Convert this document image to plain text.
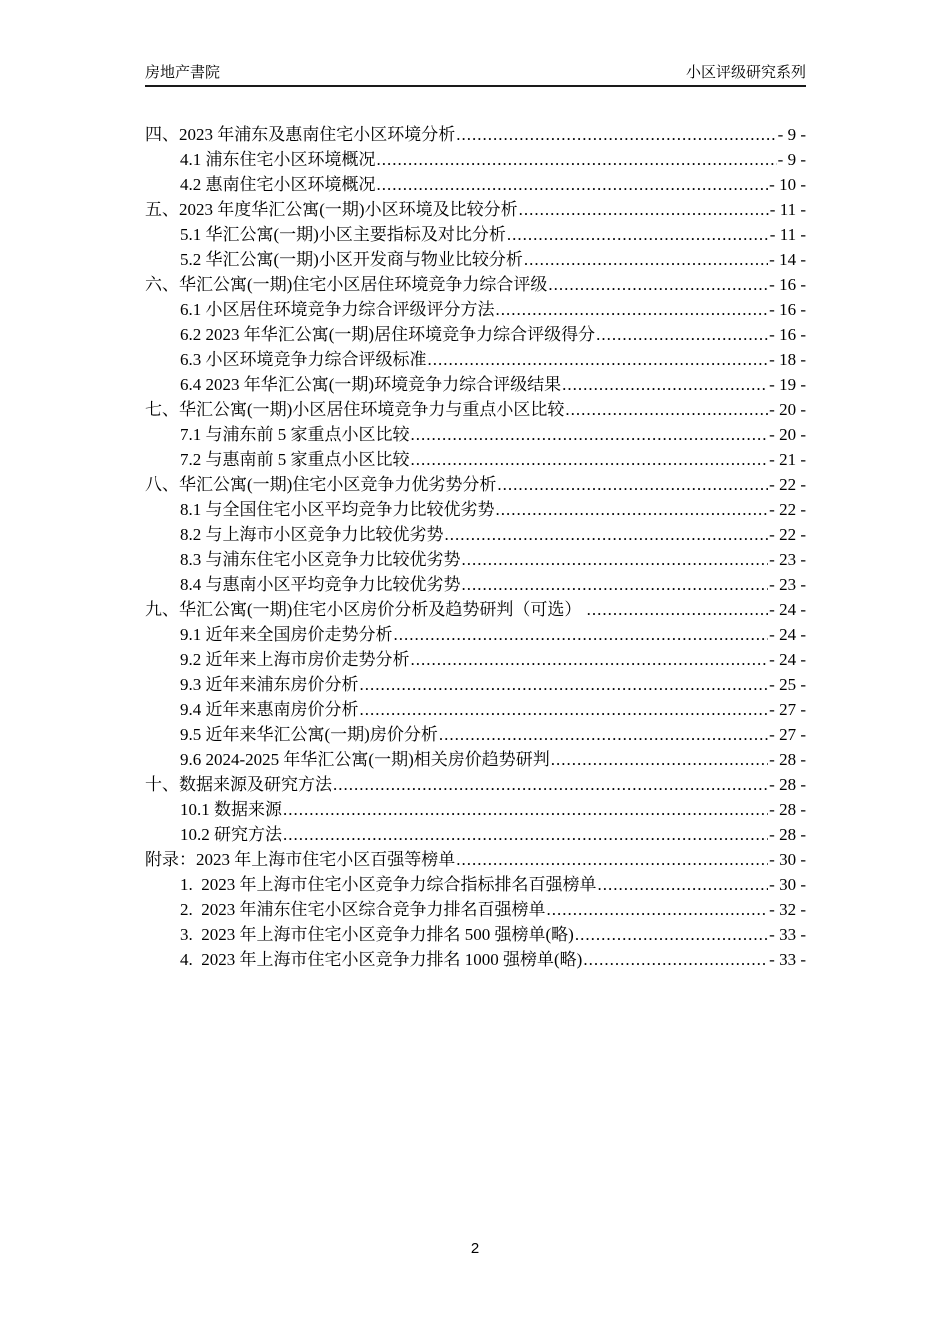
房地产書院	小区评级研究系列
四、2023 年浦东及惠南住宅小区环境分析 .....	- 9 -
4.1 浦东住宅小区环境概况 .....	- 9 -
4.2 惠南住宅小区环境概况 .....	- 10 -
五、2023 年度华汇公寓(一期)小区环境及比较分析 .....	- 11 -
5.1 华汇公寓(一期)小区主要指标及对比分析 .....	- 11 -
5.2 华汇公寓(一期)小区开发商与物业比较分析 .....	- 14 -
六、华汇公寓(一期)住宅小区居住环境竞争力综合评级 .....	- 16 -
6.1 小区居住环境竞争力综合评级评分方法 .....	- 16 -
6.2 2023 年华汇公寓(一期)居住环境竞争力综合评级得分 .....	- 16 -
6.3 小区环境竞争力综合评级标准 .....	- 18 -
6.4 2023 年华汇公寓(一期)环境竞争力综合评级结果 .....	- 19 -
七、华汇公寓(一期)小区居住环境竞争力与重点小区比较 .....	- 20 -
7.1 与浦东前 5 家重点小区比较 .....	- 20 -
7.2 与惠南前 5 家重点小区比较 .....	- 21 -
八、华汇公寓(一期)住宅小区竞争力优劣势分析 .....	- 22 -
8.1 与全国住宅小区平均竞争力比较优劣势 .....	- 22 -
8.2 与上海市小区竞争力比较优劣势 .....	- 22 -
8.3 与浦东住宅小区竞争力比较优劣势 .....	- 23 -
8.4 与惠南小区平均竞争力比较优劣势 .....	- 23 -
九、华汇公寓(一期)住宅小区房价分析及趋势研判（可选） .....	- 24 -
9.1 近年来全国房价走势分析 .....	- 24 -
9.2 近年来上海市房价走势分析 .....	- 24 -
9.3 近年来浦东房价分析 .....	- 25 -
9.4 近年来惠南房价分析 .....	- 27 -
9.5 近年来华汇公寓(一期)房价分析 .....	- 27 -
9.6 2024-2025 年华汇公寓(一期)相关房价趋势研判 .....	- 28 -
十、数据来源及研究方法 .....	- 28 -
10.1 数据来源 .....	- 28 -
10.2 研究方法 .....	- 28 -
附录：2023 年上海市住宅小区百强等榜单 .....	- 30 -
1.  2023 年上海市住宅小区竞争力综合指标排名百强榜单 .....	- 30 -
2.  2023 年浦东住宅小区综合竞争力排名百强榜单 .....	- 32 -
3.  2023 年上海市住宅小区竞争力排名 500 强榜单(略) .....	- 33 -
4.  2023 年上海市住宅小区竞争力排名 1000 强榜单(略) .....	- 33 -
2
